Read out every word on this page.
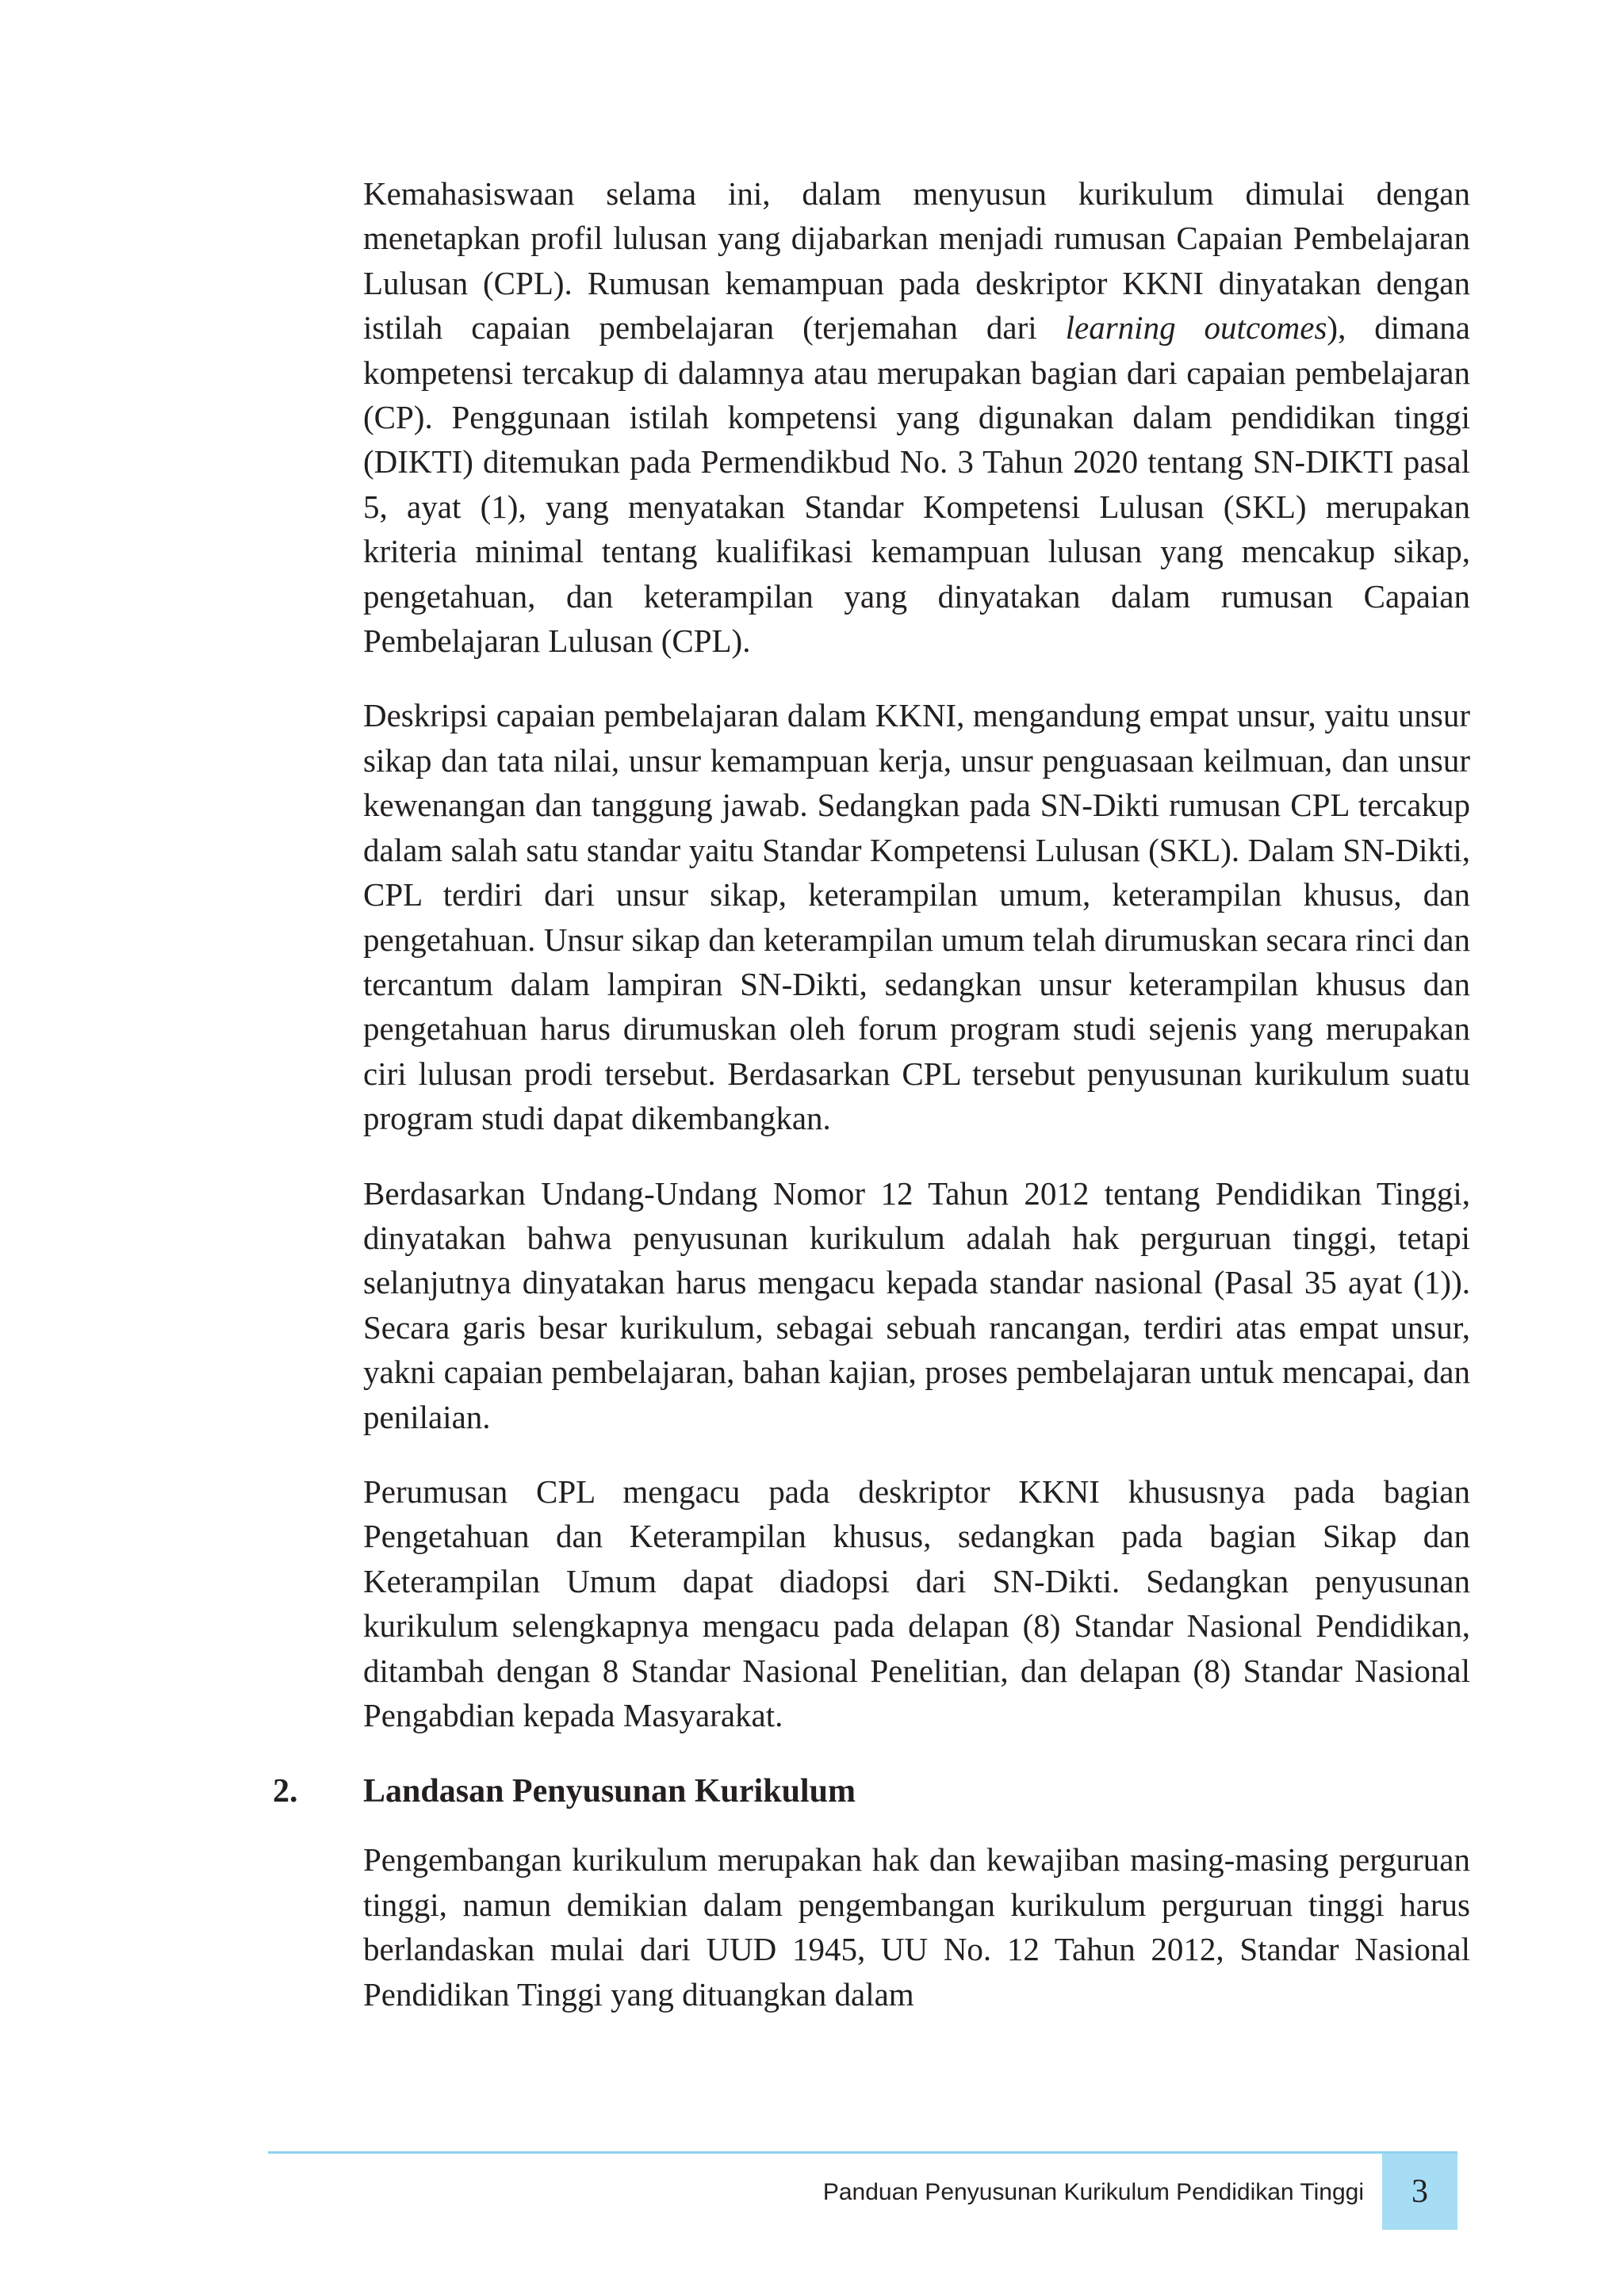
Kemahasiswaan selama ini, dalam menyusun kurikulum dimulai dengan menetapkan profil lulusan yang dijabarkan menjadi rumusan Capaian Pembelajaran Lulusan (CPL). Rumusan kemampuan pada deskriptor KKNI dinyatakan dengan istilah capaian pembelajaran (terjemahan dari learning outcomes), dimana kompetensi tercakup di dalamnya atau merupakan bagian dari capaian pembelajaran (CP). Penggunaan istilah kompetensi yang digunakan dalam pendidikan tinggi (DIKTI) ditemukan pada Permendikbud No. 3 Tahun 2020 tentang SN-DIKTI pasal 5, ayat (1), yang menyatakan Standar Kompetensi Lulusan (SKL) merupakan kriteria minimal tentang kualifikasi kemampuan lulusan yang mencakup sikap, pengetahuan, dan keterampilan yang dinyatakan dalam rumusan Capaian Pembelajaran Lulusan (CPL).

Deskripsi capaian pembelajaran dalam KKNI, mengandung empat unsur, yaitu unsur sikap dan tata nilai, unsur kemampuan kerja, unsur penguasaan keilmuan, dan unsur kewenangan dan tanggung jawab. Sedangkan pada SN-Dikti rumusan CPL tercakup dalam salah satu standar yaitu Standar Kompetensi Lulusan (SKL). Dalam SN-Dikti, CPL terdiri dari unsur sikap, keterampilan umum, keterampilan khusus, dan pengetahuan. Unsur sikap dan keterampilan umum telah dirumuskan secara rinci dan tercantum dalam lampiran SN-Dikti, sedangkan unsur keterampilan khusus dan pengetahuan harus dirumuskan oleh forum program studi sejenis yang merupakan ciri lulusan prodi tersebut. Berdasarkan CPL tersebut penyusunan kurikulum suatu program studi dapat dikembangkan.

Berdasarkan Undang-Undang Nomor 12 Tahun 2012 tentang Pendidikan Tinggi, dinyatakan bahwa penyusunan kurikulum adalah hak perguruan tinggi, tetapi selanjutnya dinyatakan harus mengacu kepada standar nasional (Pasal 35 ayat (1)). Secara garis besar kurikulum, sebagai sebuah rancangan, terdiri atas empat unsur, yakni capaian pembelajaran, bahan kajian, proses pembelajaran untuk mencapai, dan penilaian.

Perumusan CPL mengacu pada deskriptor KKNI khususnya pada bagian Pengetahuan dan Keterampilan khusus, sedangkan pada bagian Sikap dan Keterampilan Umum dapat diadopsi dari SN-Dikti. Sedangkan penyusunan kurikulum selengkapnya mengacu pada delapan (8) Standar Nasional Pendidikan, ditambah dengan 8 Standar Nasional Penelitian, dan delapan (8) Standar Nasional Pengabdian kepada Masyarakat.

2. Landasan Penyusunan Kurikulum

Pengembangan kurikulum merupakan hak dan kewajiban masing-masing perguruan tinggi, namun demikian dalam pengembangan kurikulum perguruan tinggi harus berlandaskan mulai dari UUD 1945, UU No. 12 Tahun 2012, Standar Nasional Pendidikan Tinggi yang dituangkan dalam

Panduan Penyusunan Kurikulum Pendidikan Tinggi 3
